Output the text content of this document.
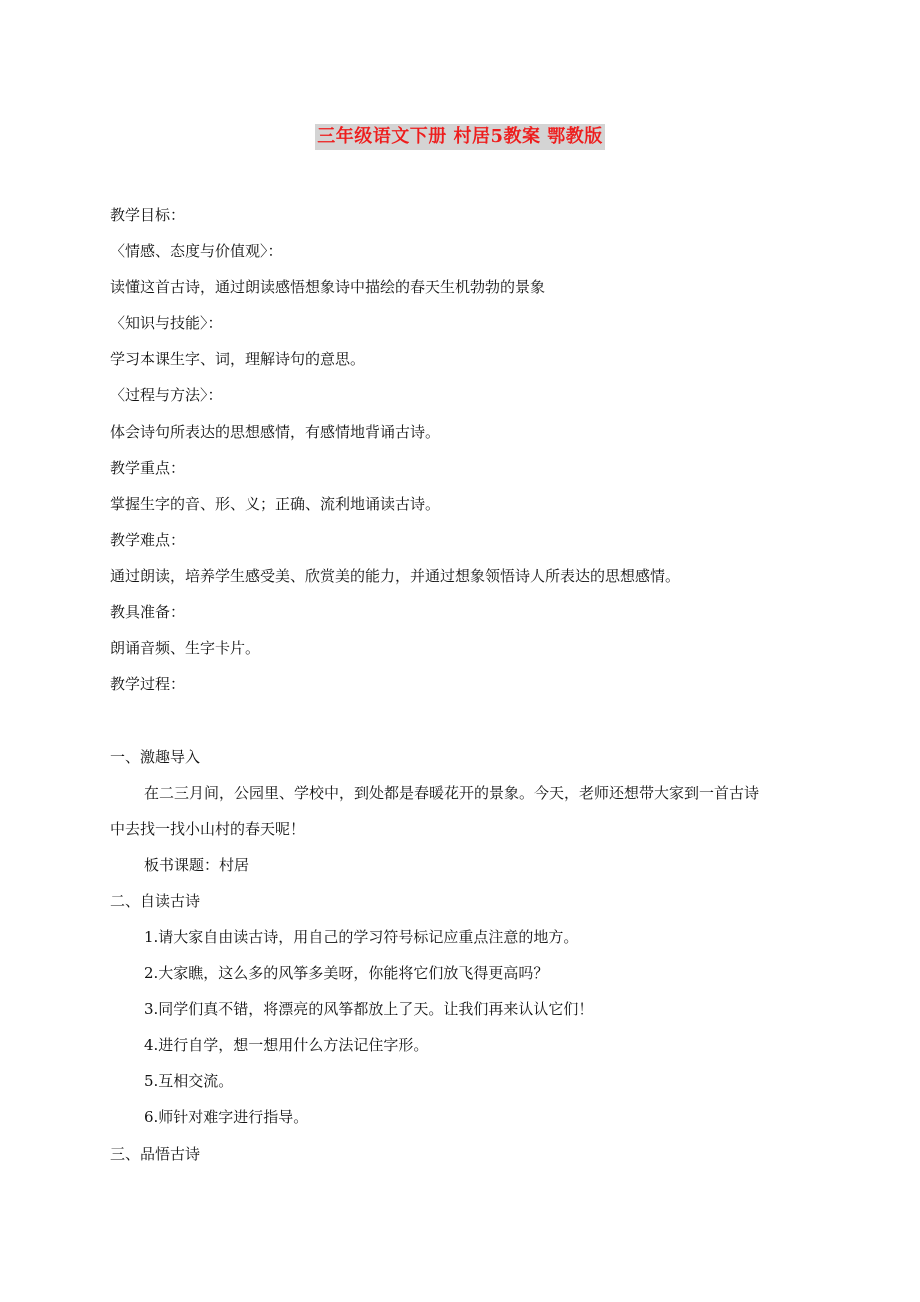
三年级语文下册 村居5教案 鄂教版
教学目标：
〈情感、态度与价值观〉：
读懂这首古诗，通过朗读感悟想象诗中描绘的春天生机勃勃的景象
〈知识与技能〉：
学习本课生字、词，理解诗句的意思。
〈过程与方法〉：
体会诗句所表达的思想感情，有感情地背诵古诗。
教学重点：
掌握生字的音、形、义；正确、流利地诵读古诗。
教学难点：
通过朗读，培养学生感受美、欣赏美的能力，并通过想象领悟诗人所表达的思想感情。
教具准备：
朗诵音频、生字卡片。
教学过程：
一、激趣导入
在二三月间，公园里、学校中，到处都是春暖花开的景象。今天，老师还想带大家到一首古诗
中去找一找小山村的春天呢！
板书课题：村居
二、自读古诗
1.请大家自由读古诗，用自己的学习符号标记应重点注意的地方。
2.大家瞧，这么多的风筝多美呀，你能将它们放飞得更高吗？
3.同学们真不错，将漂亮的风筝都放上了天。让我们再来认认它们！
4.进行自学，想一想用什么方法记住字形。
5.互相交流。
6.师针对难字进行指导。
三、品悟古诗
